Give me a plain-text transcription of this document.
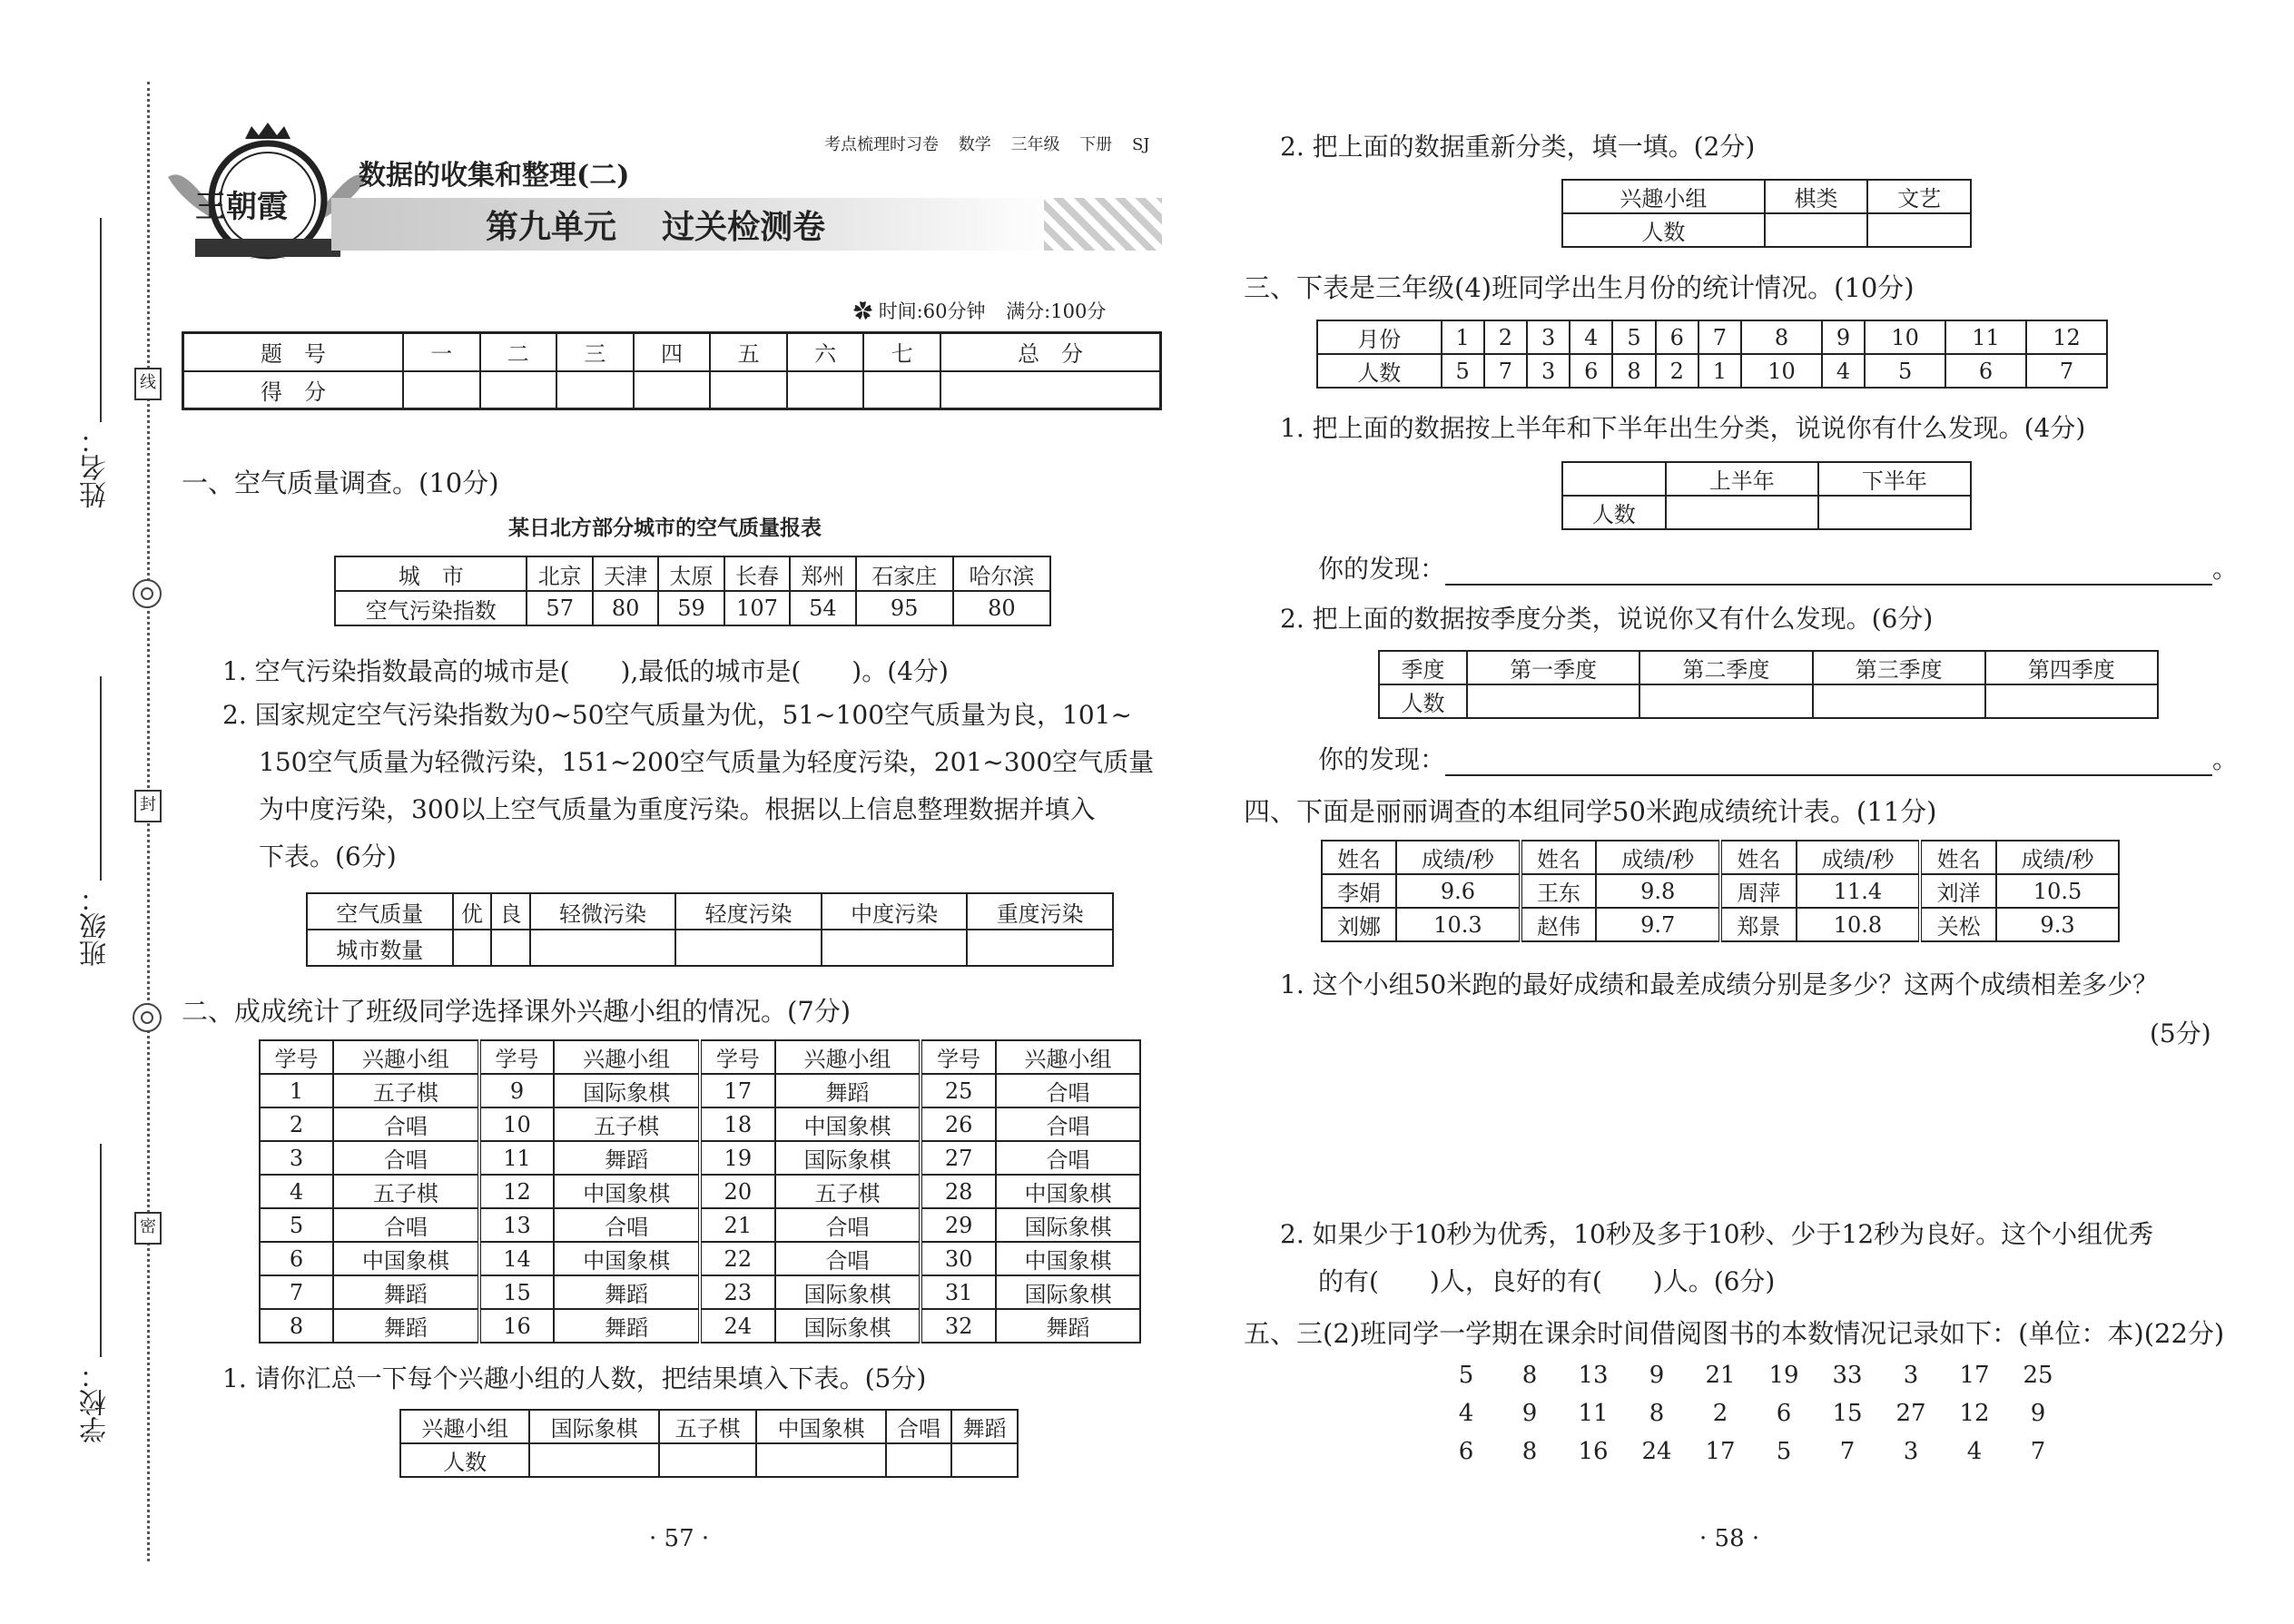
姓名：
班级：
学校：
线
封
密
王朝霞
考点梳理时习卷 数学 三年级 下册 SJ
数据的收集和整理(二)
第九单元    过关检测卷
✿ 时间:60分钟 满分:100分
题　号	一	二	三	四	五	六	七	总　分
得　分								
一、空气质量调查。(10分)
某日北方部分城市的空气质量报表
城　市	北京	天津	太原	长春	郑州	石家庄	哈尔滨
空气污染指数	57	80	59	107	54	95	80
1. 空气污染指数最高的城市是(　　),最低的城市是(　　)。(4分)
2. 国家规定空气污染指数为0~50空气质量为优，51~100空气质量为良，101~
150空气质量为轻微污染，151~200空气质量为轻度污染，201~300空气质量
为中度污染，300以上空气质量为重度污染。根据以上信息整理数据并填入
下表。(6分)
空气质量	优	良	轻微污染	轻度污染	中度污染	重度污染
城市数量						
二、成成统计了班级同学选择课外兴趣小组的情况。(7分)
学号	兴趣小组	学号	兴趣小组	学号	兴趣小组	学号	兴趣小组
1	五子棋	9	国际象棋	17	舞蹈	25	合唱
2	合唱	10	五子棋	18	中国象棋	26	合唱
3	合唱	11	舞蹈	19	国际象棋	27	合唱
4	五子棋	12	中国象棋	20	五子棋	28	中国象棋
5	合唱	13	合唱	21	合唱	29	国际象棋
6	中国象棋	14	中国象棋	22	合唱	30	中国象棋
7	舞蹈	15	舞蹈	23	国际象棋	31	国际象棋
8	舞蹈	16	舞蹈	24	国际象棋	32	舞蹈
1. 请你汇总一下每个兴趣小组的人数，把结果填入下表。(5分)
兴趣小组	国际象棋	五子棋	中国象棋	合唱	舞蹈
人数					
· 57 ·
2. 把上面的数据重新分类，填一填。(2分)
兴趣小组	棋类	文艺
人数		
三、下表是三年级(4)班同学出生月份的统计情况。(10分)
月份	1	2	3	4	5	6	7	8	9	10	11	12
人数	5	7	3	6	8	2	1	10	4	5	6	7
1. 把上面的数据按上半年和下半年出生分类，说说你有什么发现。(4分)
	上半年	下半年
人数		
你的发现：	。
2. 把上面的数据按季度分类，说说你又有什么发现。(6分)
季度	第一季度	第二季度	第三季度	第四季度
人数				
你的发现：	。
四、下面是丽丽调查的本组同学50米跑成绩统计表。(11分)
姓名	成绩/秒	姓名	成绩/秒	姓名	成绩/秒	姓名	成绩/秒
李娟	9.6	王东	9.8	周萍	11.4	刘洋	10.5
刘娜	10.3	赵伟	9.7	郑景	10.8	关松	9.3
1. 这个小组50米跑的最好成绩和最差成绩分别是多少？这两个成绩相差多少？
(5分)
2. 如果少于10秒为优秀，10秒及多于10秒、少于12秒为良好。这个小组优秀
的有(　　)人，良好的有(　　)人。(6分)
五、三(2)班同学一学期在课余时间借阅图书的本数情况记录如下：(单位：本)(22分)
5	8	13	9	21	19	33	3	17	25
4	9	11	8	2	6	15	27	12	9
6	8	16	24	17	5	7	3	4	7
· 58 ·
